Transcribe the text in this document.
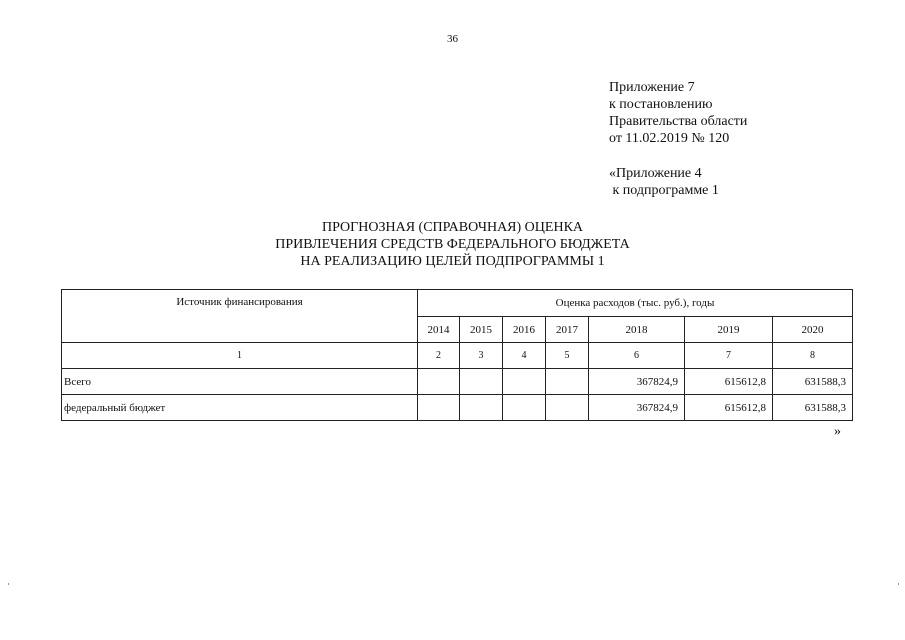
36
Приложение 7
к постановлению
Правительства области
от 11.02.2019 № 120
«Приложение 4
к подпрограмме 1
ПРОГНОЗНАЯ (СПРАВОЧНАЯ) ОЦЕНКА
ПРИВЛЕЧЕНИЯ СРЕДСТВ ФЕДЕРАЛЬНОГО БЮДЖЕТА
НА РЕАЛИЗАЦИЮ ЦЕЛЕЙ ПОДПРОГРАММЫ 1
Источник финансирования	Оценка расходов (тыс. руб.), годы						
	2014	2015	2016	2017	2018	2019	2020
1	2	3	4	5	6	7	8
Всего					367824,9	615612,8	631588,3
федеральный бюджет					367824,9	615612,8	631588,3
»
